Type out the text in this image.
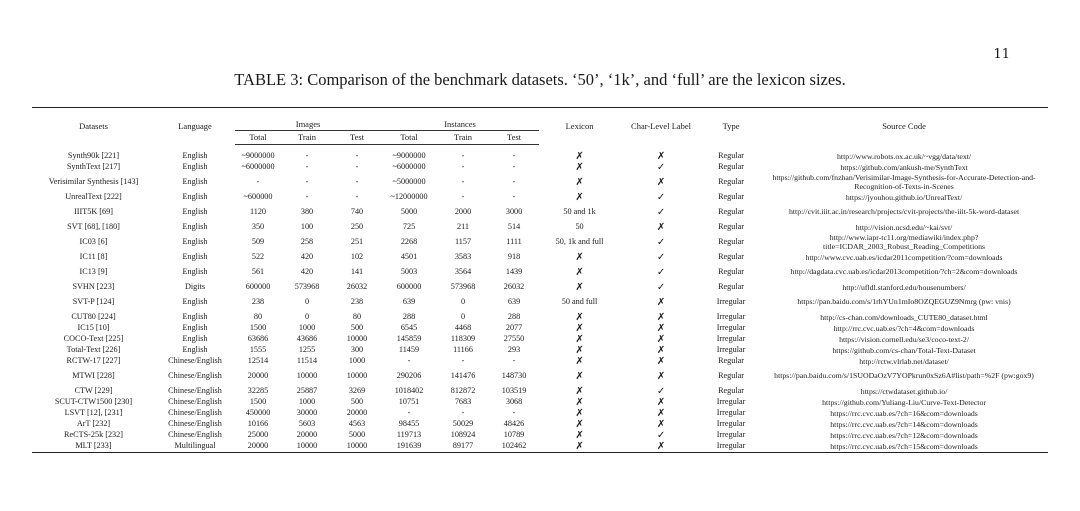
11
TABLE 3: Comparison of the benchmark datasets. ‘50’, ‘1k’, and ‘full’ are the lexicon sizes.
Datasets	Language	Images			Instances			Lexicon	Char-Level Label	Type	Source Code
		Total	Train	Test	Total	Train	Test				

Synth90k [221]	English	~9000000	-	-	~9000000	-	-	✗	✗	Regular	http://www.robots.ox.ac.uk/~vgg/data/text/
SynthText [217]	English	~6000000	-	-	~6000000	-	-	✗	✓	Regular	https://github.com/ankush-me/SynthText
Verisimilar Synthesis [143]	English	-	-	-	~5000000	-	-	✗	✗	Regular	https://github.com/fnzhan/Verisimilar-Image-Synthesis-for-Accurate-Detection-and-Recognition-of-Texts-in-Scenes
UnrealText [222]	English	~600000	-	-	~12000000	-	-	✗	✓	Regular	https://jyouhou.github.io/UnrealText/
IIIT5K [69]	English	1120	380	740	5000	2000	3000	50 and 1k	✓	Regular	http://cvit.iiit.ac.in/research/projects/cvit-projects/the-iiit-5k-word-dataset
SVT [68], [180]	English	350	100	250	725	211	514	50	✗	Regular	http://vision.ucsd.edu/~kai/svt/
IC03 [6]	English	509	258	251	2268	1157	1111	50, 1k and full	✓	Regular	http://www.iapr-tc11.org/mediawiki/index.php?title=ICDAR_2003_Robust_Reading_Competitions
IC11 [8]	English	522	420	102	4501	3583	918	✗	✓	Regular	http://www.cvc.uab.es/icdar2011competition/?com=downloads
IC13 [9]	English	561	420	141	5003	3564	1439	✗	✓	Regular	http://dagdata.cvc.uab.es/icdar2013competition/?ch=2&com=downloads
SVHN [223]	Digits	600000	573968	26032	600000	573968	26032	✗	✓	Regular	http://ufldl.stanford.edu/housenumbers/
SVT-P [124]	English	238	0	238	639	0	639	50 and full	✗	Irregular	https://pan.baidu.com/s/1rhYUn1mIo8OZQEGUZ9Nmrg (pw: vnis)
CUT80 [224]	English	80	0	80	288	0	288	✗	✗	Irregular	http://cs-chan.com/downloads_CUTE80_dataset.html
IC15 [10]	English	1500	1000	500	6545	4468	2077	✗	✗	Irregular	http://rrc.cvc.uab.es/?ch=4&com=downloads
COCO-Text [225]	English	63686	43686	10000	145859	118309	27550	✗	✗	Irregular	https://vision.cornell.edu/se3/coco-text-2/
Total-Text [226]	English	1555	1255	300	11459	11166	293	✗	✗	Irregular	https://github.com/cs-chan/Total-Text-Dataset
RCTW-17 [227]	Chinese/English	12514	11514	1000	-	-	-	✗	✗	Regular	http://rctw.vlrlab.net/dataset/
MTWI [228]	Chinese/English	20000	10000	10000	290206	141476	148730	✗	✗	Regular	https://pan.baidu.com/s/1SUODaOzV7YOPkrun0xSz6A#list/path=%2F (pw:gox9)
CTW [229]	Chinese/English	32285	25887	3269	1018402	812872	103519	✗	✓	Regular	https://ctwdataset.github.io/
SCUT-CTW1500 [230]	Chinese/English	1500	1000	500	10751	7683	3068	✗	✗	Irregular	https://github.com/Yuliang-Liu/Curve-Text-Detector
LSVT [12], [231]	Chinese/English	450000	30000	20000	-	-	-	✗	✗	Irregular	https://rrc.cvc.uab.es/?ch=16&com=downloads
ArT [232]	Chinese/English	10166	5603	4563	98455	50029	48426	✗	✗	Irregular	https://rrc.cvc.uab.es/?ch=14&com=downloads
ReCTS-25k [232]	Chinese/English	25000	20000	5000	119713	108924	10789	✗	✓	Irregular	https://rrc.cvc.uab.es/?ch=12&com=downloads
MLT [233]	Multilingual	20000	10000	10000	191639	89177	102462	✗	✗	Irregular	https://rrc.cvc.uab.es/?ch=15&com=downloads
